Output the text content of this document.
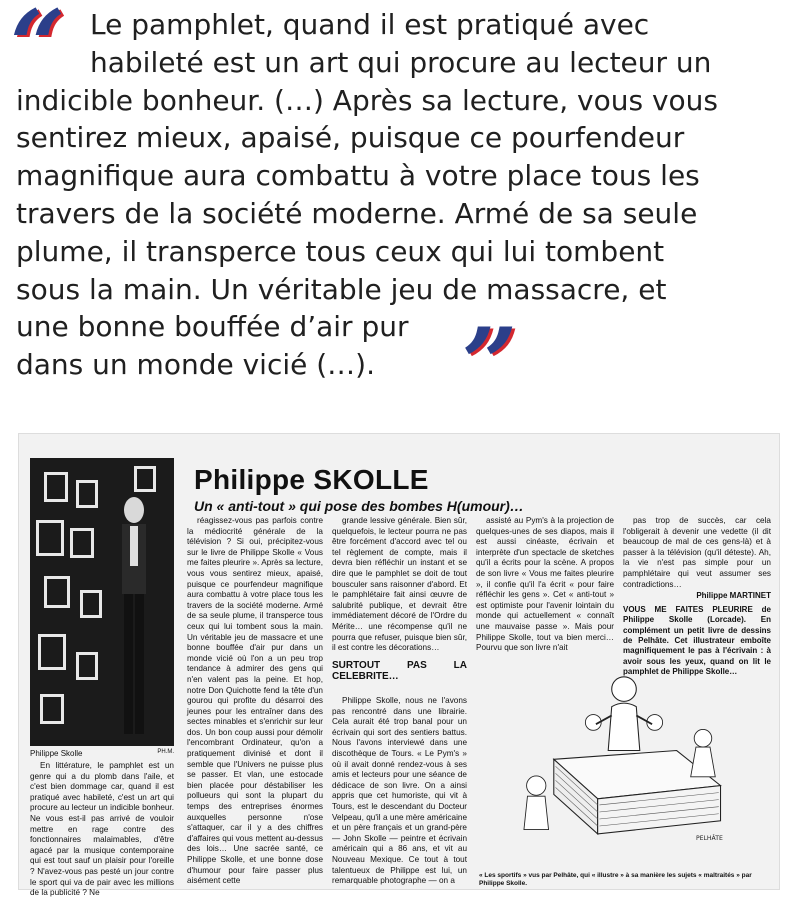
“ Le pamphlet, quand il est pratiqué avec
habileté est un art qui procure au lecteur un
indicible bonheur. (…) Après sa lecture, vous vous
sentirez mieux, apaisé, puisque ce pourfendeur
magnifique aura combattu à votre place tous les
travers de la société moderne. Armé de sa seule
plume, il transperce tous ceux qui lui tombent
sous la main. Un véritable jeu de massacre, et
une bonne bouffée d’air pur
dans un monde vicié (…). ”
Philippe Skolle	PH.M.
Philippe SKOLLE
Un « anti-tout » qui pose des bombes H(umour)…

En littérature, le pamphlet est un genre qui a du plomb dans l'aile, et c'est bien dommage car, quand il est pratiqué avec habileté, c'est un art qui procure au lecteur un indicible bonheur. Ne vous est-il pas arrivé de vouloir mettre en rage contre des fonctionnaires malaimables, d'être agacé par la musique contemporaine qui est tout sauf un plaisir pour l'oreille ? N'avez-vous pas pesté un jour contre le sport qui va de pair avec les millions de la publicité ? Ne

réagissez-vous pas parfois contre la médiocrité générale de la télévision ? Si oui, précipitez-vous sur le livre de Philippe Skolle « Vous me faites pleurire ». Après sa lecture, vous vous sentirez mieux, apaisé, puisque ce pourfendeur magnifique aura combattu à votre place tous les travers de la société moderne. Armé de sa seule plume, il transperce tous ceux qui lui tombent sous la main. Un véritable jeu de massacre et une bonne bouffée d'air pur dans un monde vicié où l'on a un peu trop tendance à admirer des gens qui n'en valent pas la peine. Et hop, notre Don Quichotte fend la tête d'un gourou qui profite du désarroi des jeunes pour les entraîner dans des sectes minables et s'enrichir sur leur dos. Un bon coup aussi pour démolir l'encombrant Ordinateur, qu'on a pratiquement divinisé et dont il semble que l'Univers ne puisse plus se passer. Et vlan, une estocade bien placée pour déstabiliser les pollueurs qui sont la plupart du temps des entreprises énormes auxquelles personne n'ose s'attaquer, car il y a des chiffres d'affaires qui vous mettent au-dessus des lois… Une sacrée santé, ce Philippe Skolle, et une bonne dose d'humour pour faire passer plus aisément cette

grande lessive générale. Bien sûr, quelquefois, le lecteur pourra ne pas être forcément d'accord avec tel ou tel règlement de compte, mais il devra bien réfléchir un instant et se dire que le pamphlet se doit de tout bousculer sans raisonner d'abord. Et le pamphlétaire fait ainsi œuvre de salubrité publique, et devrait être immédiatement décoré de l'Ordre du Mérite… une récompense qu'il ne pourra que refuser, puisque bien sûr, il est contre les décorations…

SURTOUT PAS LA CELEBRITE…

assisté au Pym's à la projection de quelques-unes de ses diapos, mais il est aussi cinéaste, écrivain et interprète d'un spectacle de sketches qu'il a écrits pour la scène. A propos de son livre « Vous me faites pleurire », il confie qu'il l'a écrit « pour faire réfléchir les gens ». Cet « anti-tout » est optimiste pour l'avenir lointain du monde qui actuellement « connaît une mauvaise passe ». Mais pour Philippe Skolle, tout va bien merci… Pourvu que son livre n'ait

Philippe Skolle, nous ne l'avons pas rencontré dans une librairie. Cela aurait été trop banal pour un écrivain qui sort des sentiers battus. Nous l'avons interviewé dans une discothèque de Tours. « Le Pym's » où il avait donné rendez-vous à ses amis et lecteurs pour une séance de dédicace de son livre. On a ainsi appris que cet humoriste, qui vit à Tours, est le descendant du Docteur Velpeau, qu'il a une mère américaine et un père français et un grand-père — John Skolle — peintre et écrivain américain qui a 86 ans, et vit au Nouveau Mexique. Ce tout à tout talentueux de Philippe est lui, un remarquable photographe — on a

pas trop de succès, car cela l'obligerait à devenir une vedette (il dit beaucoup de mal de ces gens-là) et à passer à la télévision (qu'il déteste). Ah, la vie n'est pas simple pour un pamphlétaire qui veut assumer ses contradictions…

Philippe MARTINET
VOUS ME FAITES PLEURIRE de Philippe Skolle (Lorcade). En complément un petit livre de dessins de Pelhâte. Cet illustrateur emboîte magnifiquement le pas à l'écrivain : à avoir sous les yeux, quand on lit le pamphlet de Philippe Skolle…
PELHÂTE
« Les sportifs » vus par Pelhâte, qui « illustre » à sa manière les sujets « maltraités » par Philippe Skolle.
